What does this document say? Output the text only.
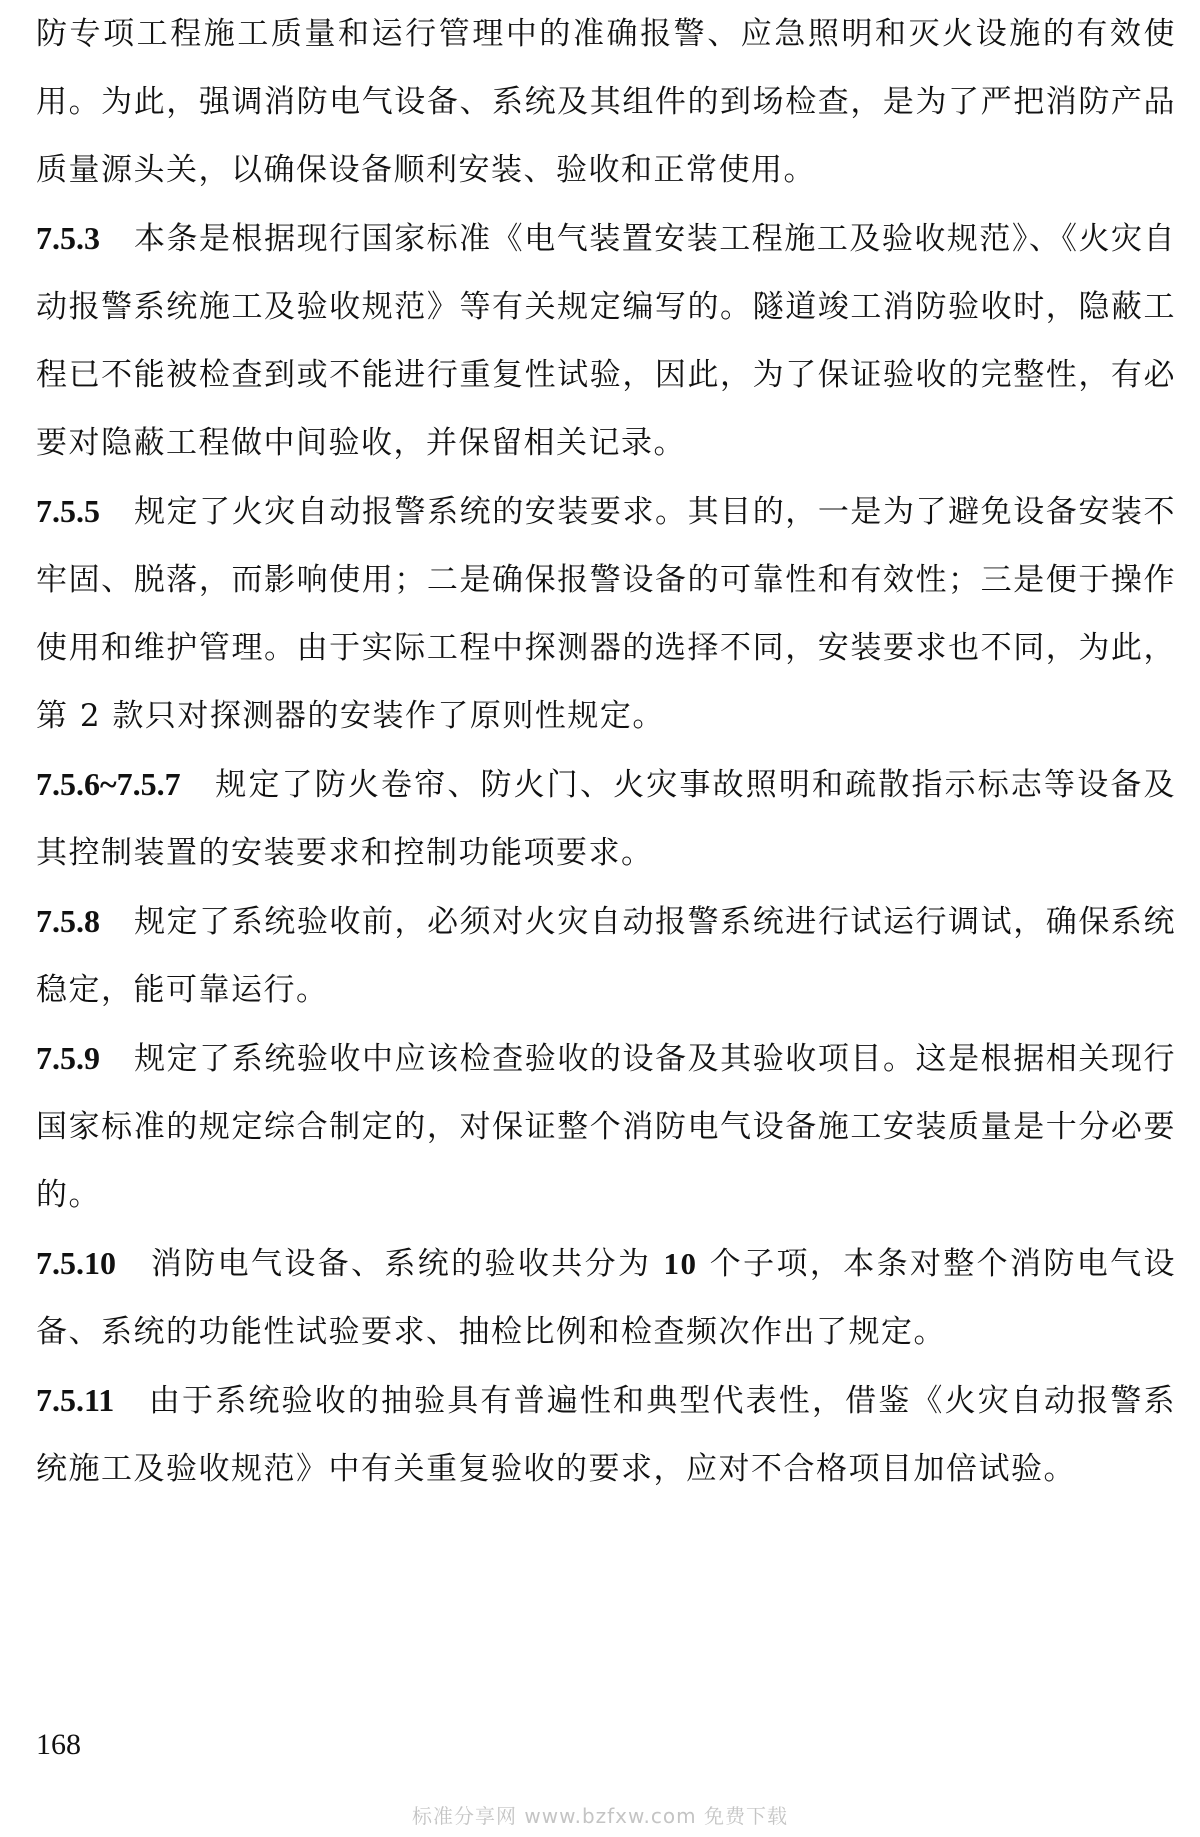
防专项工程施工质量和运行管理中的准确报警、应急照明和灭火设施的有效使用。为此，强调消防电气设备、系统及其组件的到场检查，是为了严把消防产品质量源头关，以确保设备顺利安装、验收和正常使用。

7.5.3 本条是根据现行国家标准《电气装置安装工程施工及验收规范》、《火灾自动报警系统施工及验收规范》等有关规定编写的。隧道竣工消防验收时，隐蔽工程已不能被检查到或不能进行重复性试验，因此，为了保证验收的完整性，有必要对隐蔽工程做中间验收，并保留相关记录。

7.5.5 规定了火灾自动报警系统的安装要求。其目的，一是为了避免设备安装不牢固、脱落，而影响使用；二是确保报警设备的可靠性和有效性；三是便于操作使用和维护管理。由于实际工程中探测器的选择不同，安装要求也不同，为此，第 2 款只对探测器的安装作了原则性规定。

7.5.6~7.5.7 规定了防火卷帘、防火门、火灾事故照明和疏散指示标志等设备及其控制装置的安装要求和控制功能项要求。

7.5.8 规定了系统验收前，必须对火灾自动报警系统进行试运行调试，确保系统稳定，能可靠运行。

7.5.9 规定了系统验收中应该检查验收的设备及其验收项目。这是根据相关现行国家标准的规定综合制定的，对保证整个消防电气设备施工安装质量是十分必要的。

7.5.10 消防电气设备、系统的验收共分为 10 个子项，本条对整个消防电气设备、系统的功能性试验要求、抽检比例和检查频次作出了规定。

7.5.11 由于系统验收的抽验具有普遍性和典型代表性，借鉴《火灾自动报警系统施工及验收规范》中有关重复验收的要求，应对不合格项目加倍试验。

168
标准分享网 www.bzfxw.com 免费下载
